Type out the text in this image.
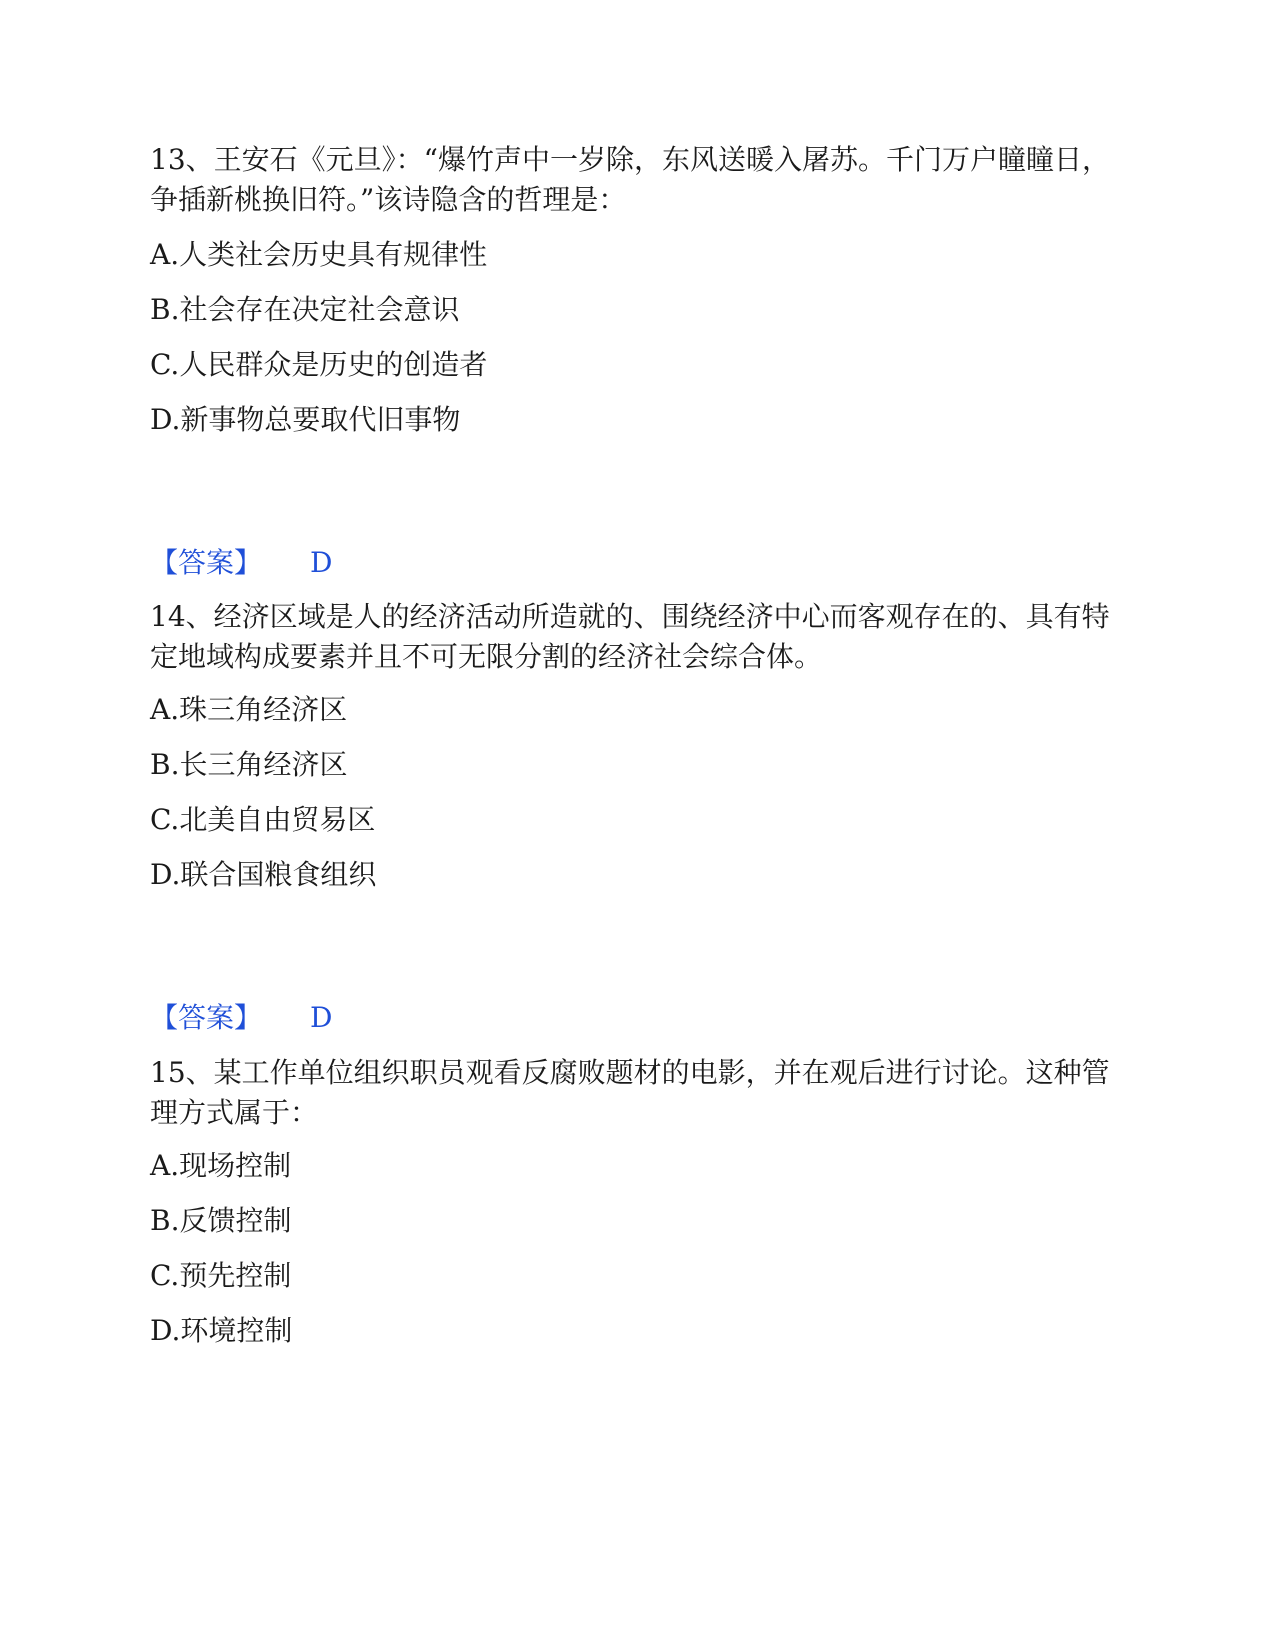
13、王安石《元旦》：“爆竹声中一岁除，东风送暖入屠苏。千门万户瞳瞳日，争插新桃换旧符。”该诗隐含的哲理是：

A.人类社会历史具有规律性

B.社会存在决定社会意识

C.人民群众是历史的创造者

D.新事物总要取代旧事物

【答案】 D

14、经济区域是人的经济活动所造就的、围绕经济中心而客观存在的、具有特定地域构成要素并且不可无限分割的经济社会综合体。

A.珠三角经济区

B.长三角经济区

C.北美自由贸易区

D.联合国粮食组织

【答案】 D

15、某工作单位组织职员观看反腐败题材的电影，并在观后进行讨论。这种管理方式属于：

A.现场控制

B.反馈控制

C.预先控制

D.环境控制
